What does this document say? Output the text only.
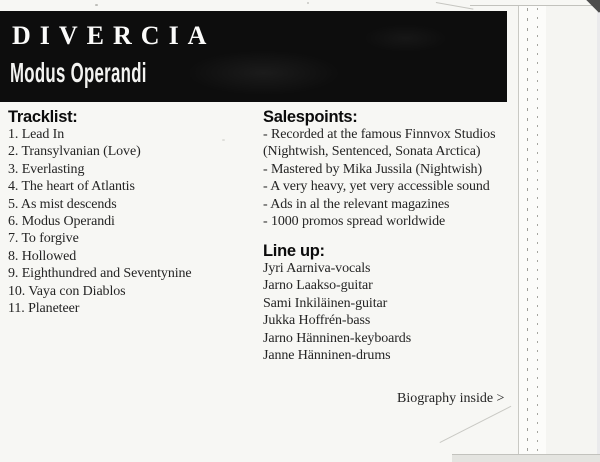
DIVERCIA
Modus Operandi
Tracklist:
1. Lead In
2. Transylvanian (Love)
3. Everlasting
4. The heart of Atlantis
5. As mist descends
6. Modus Operandi
7. To forgive
8. Hollowed
9. Eighthundred and Seventynine
10. Vaya con Diablos
11. Planeteer
Salespoints:
- Recorded at the famous Finnvox Studios
(Nightwish, Sentenced, Sonata Arctica)
- Mastered by Mika Jussila (Nightwish)
- A very heavy, yet very accessible sound
- Ads in al the relevant magazines
- 1000 promos spread worldwide
Line up:
Jyri Aarniva-vocals
Jarno Laakso-guitar
Sami Inkiläinen-guitar
Jukka Hoffrén-bass
Jarno Hänninen-keyboards
Janne Hänninen-drums
Biography inside >
